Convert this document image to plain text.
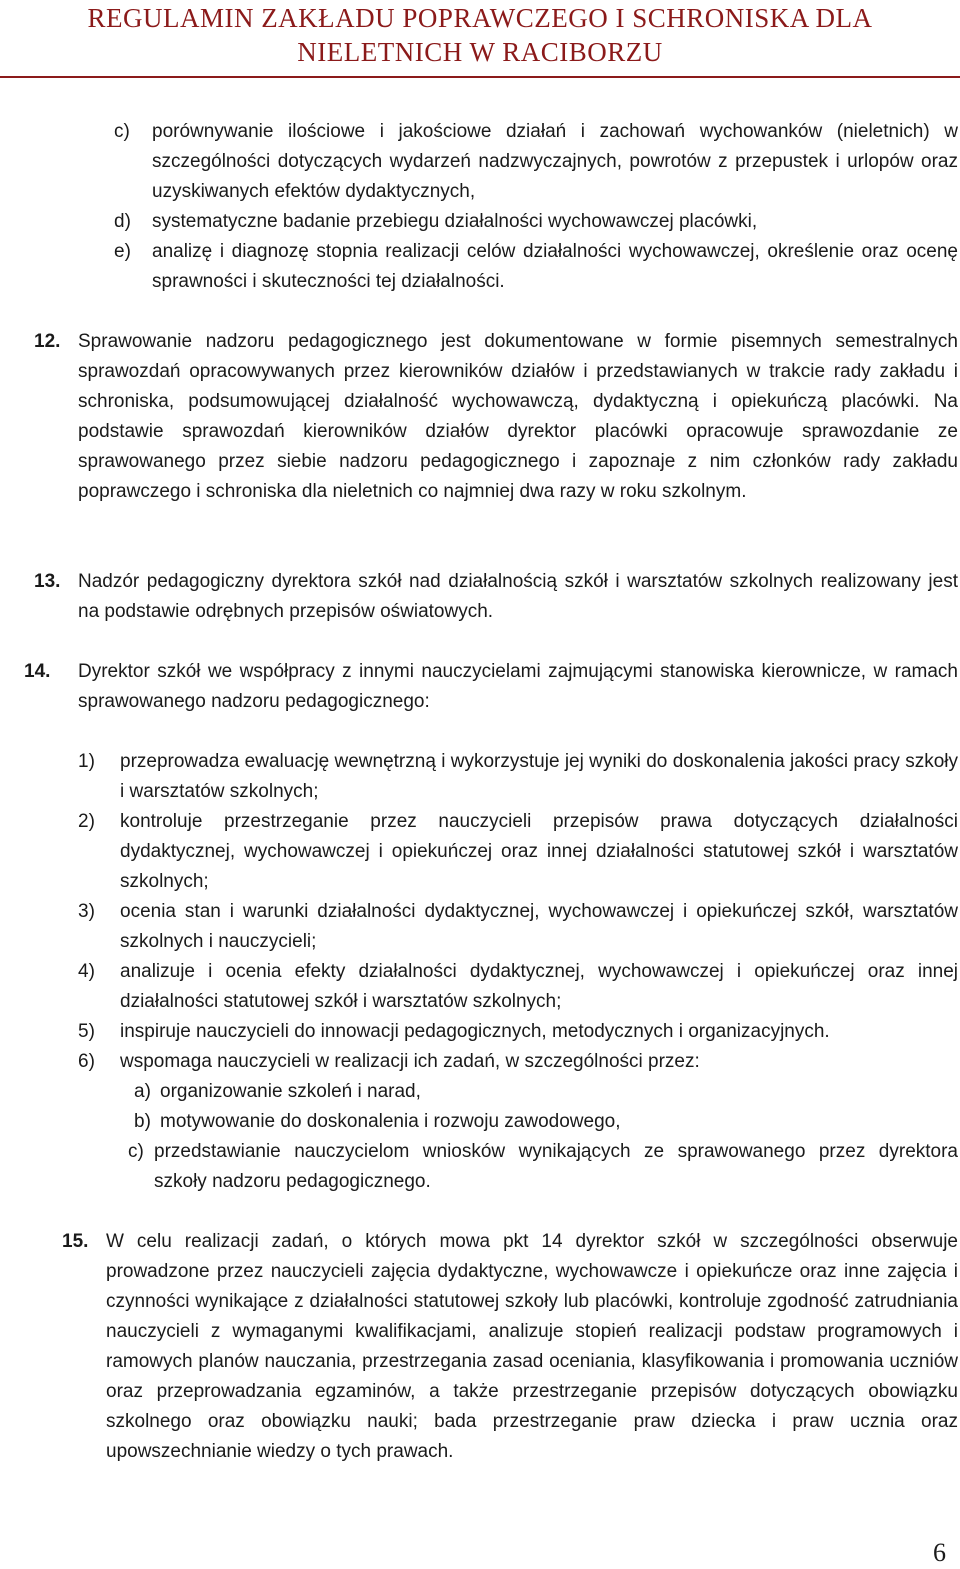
REGULAMIN ZAKŁADU POPRAWCZEGO I SCHRONISKA DLA
NIELETNICH W RACIBORZU
c) porównywanie ilościowe i jakościowe działań i zachowań wychowanków (nieletnich) w szczególności dotyczących wydarzeń nadzwyczajnych, powrotów z przepustek i urlopów oraz uzyskiwanych efektów dydaktycznych,
d) systematyczne badanie przebiegu działalności wychowawczej placówki,
e) analizę i diagnozę stopnia realizacji celów działalności wychowawczej, określenie oraz ocenę sprawności i skuteczności tej działalności.
12. Sprawowanie nadzoru pedagogicznego jest dokumentowane w formie pisemnych semestralnych sprawozdań opracowywanych przez kierowników działów i przedstawianych w trakcie rady zakładu i schroniska, podsumowującej działalność wychowawczą, dydaktyczną i opiekuńczą placówki. Na podstawie sprawozdań kierowników działów dyrektor placówki opracowuje sprawozdanie ze sprawowanego przez siebie nadzoru pedagogicznego i zapoznaje z nim członków rady zakładu poprawczego i schroniska dla nieletnich co najmniej dwa razy w roku szkolnym.
13. Nadzór pedagogiczny dyrektora szkół nad działalnością szkół i warsztatów szkolnych realizowany jest na podstawie odrębnych przepisów oświatowych.
14. Dyrektor szkół we współpracy z innymi nauczycielami zajmującymi stanowiska kierownicze, w ramach sprawowanego nadzoru pedagogicznego:
1) przeprowadza ewaluację wewnętrzną i wykorzystuje jej wyniki do doskonalenia jakości pracy szkoły i warsztatów szkolnych;
2) kontroluje przestrzeganie przez nauczycieli przepisów prawa dotyczących działalności dydaktycznej, wychowawczej i opiekuńczej oraz innej działalności statutowej szkół i warsztatów szkolnych;
3) ocenia stan i warunki działalności dydaktycznej, wychowawczej i opiekuńczej szkół, warsztatów szkolnych i nauczycieli;
4) analizuje i ocenia efekty działalności dydaktycznej, wychowawczej i opiekuńczej oraz innej działalności statutowej szkół i warsztatów szkolnych;
5) inspiruje nauczycieli do innowacji pedagogicznych, metodycznych i organizacyjnych.
6) wspomaga nauczycieli w realizacji ich zadań, w szczególności przez:
a) organizowanie szkoleń i narad,
b) motywowanie do doskonalenia i rozwoju zawodowego,
c) przedstawianie nauczycielom wniosków wynikających ze sprawowanego przez dyrektora szkoły nadzoru pedagogicznego.
15. W celu realizacji zadań, o których mowa pkt 14 dyrektor szkół w szczególności obserwuje prowadzone przez nauczycieli zajęcia dydaktyczne, wychowawcze i opiekuńcze oraz inne zajęcia i czynności wynikające z działalności statutowej szkoły lub placówki, kontroluje zgodność zatrudniania nauczycieli z wymaganymi kwalifikacjami, analizuje stopień realizacji podstaw programowych i ramowych planów nauczania, przestrzegania zasad oceniania, klasyfikowania i promowania uczniów oraz przeprowadzania egzaminów, a także przestrzeganie przepisów dotyczących obowiązku szkolnego oraz obowiązku nauki; bada przestrzeganie praw dziecka i praw ucznia oraz upowszechnianie wiedzy o tych prawach.
6
